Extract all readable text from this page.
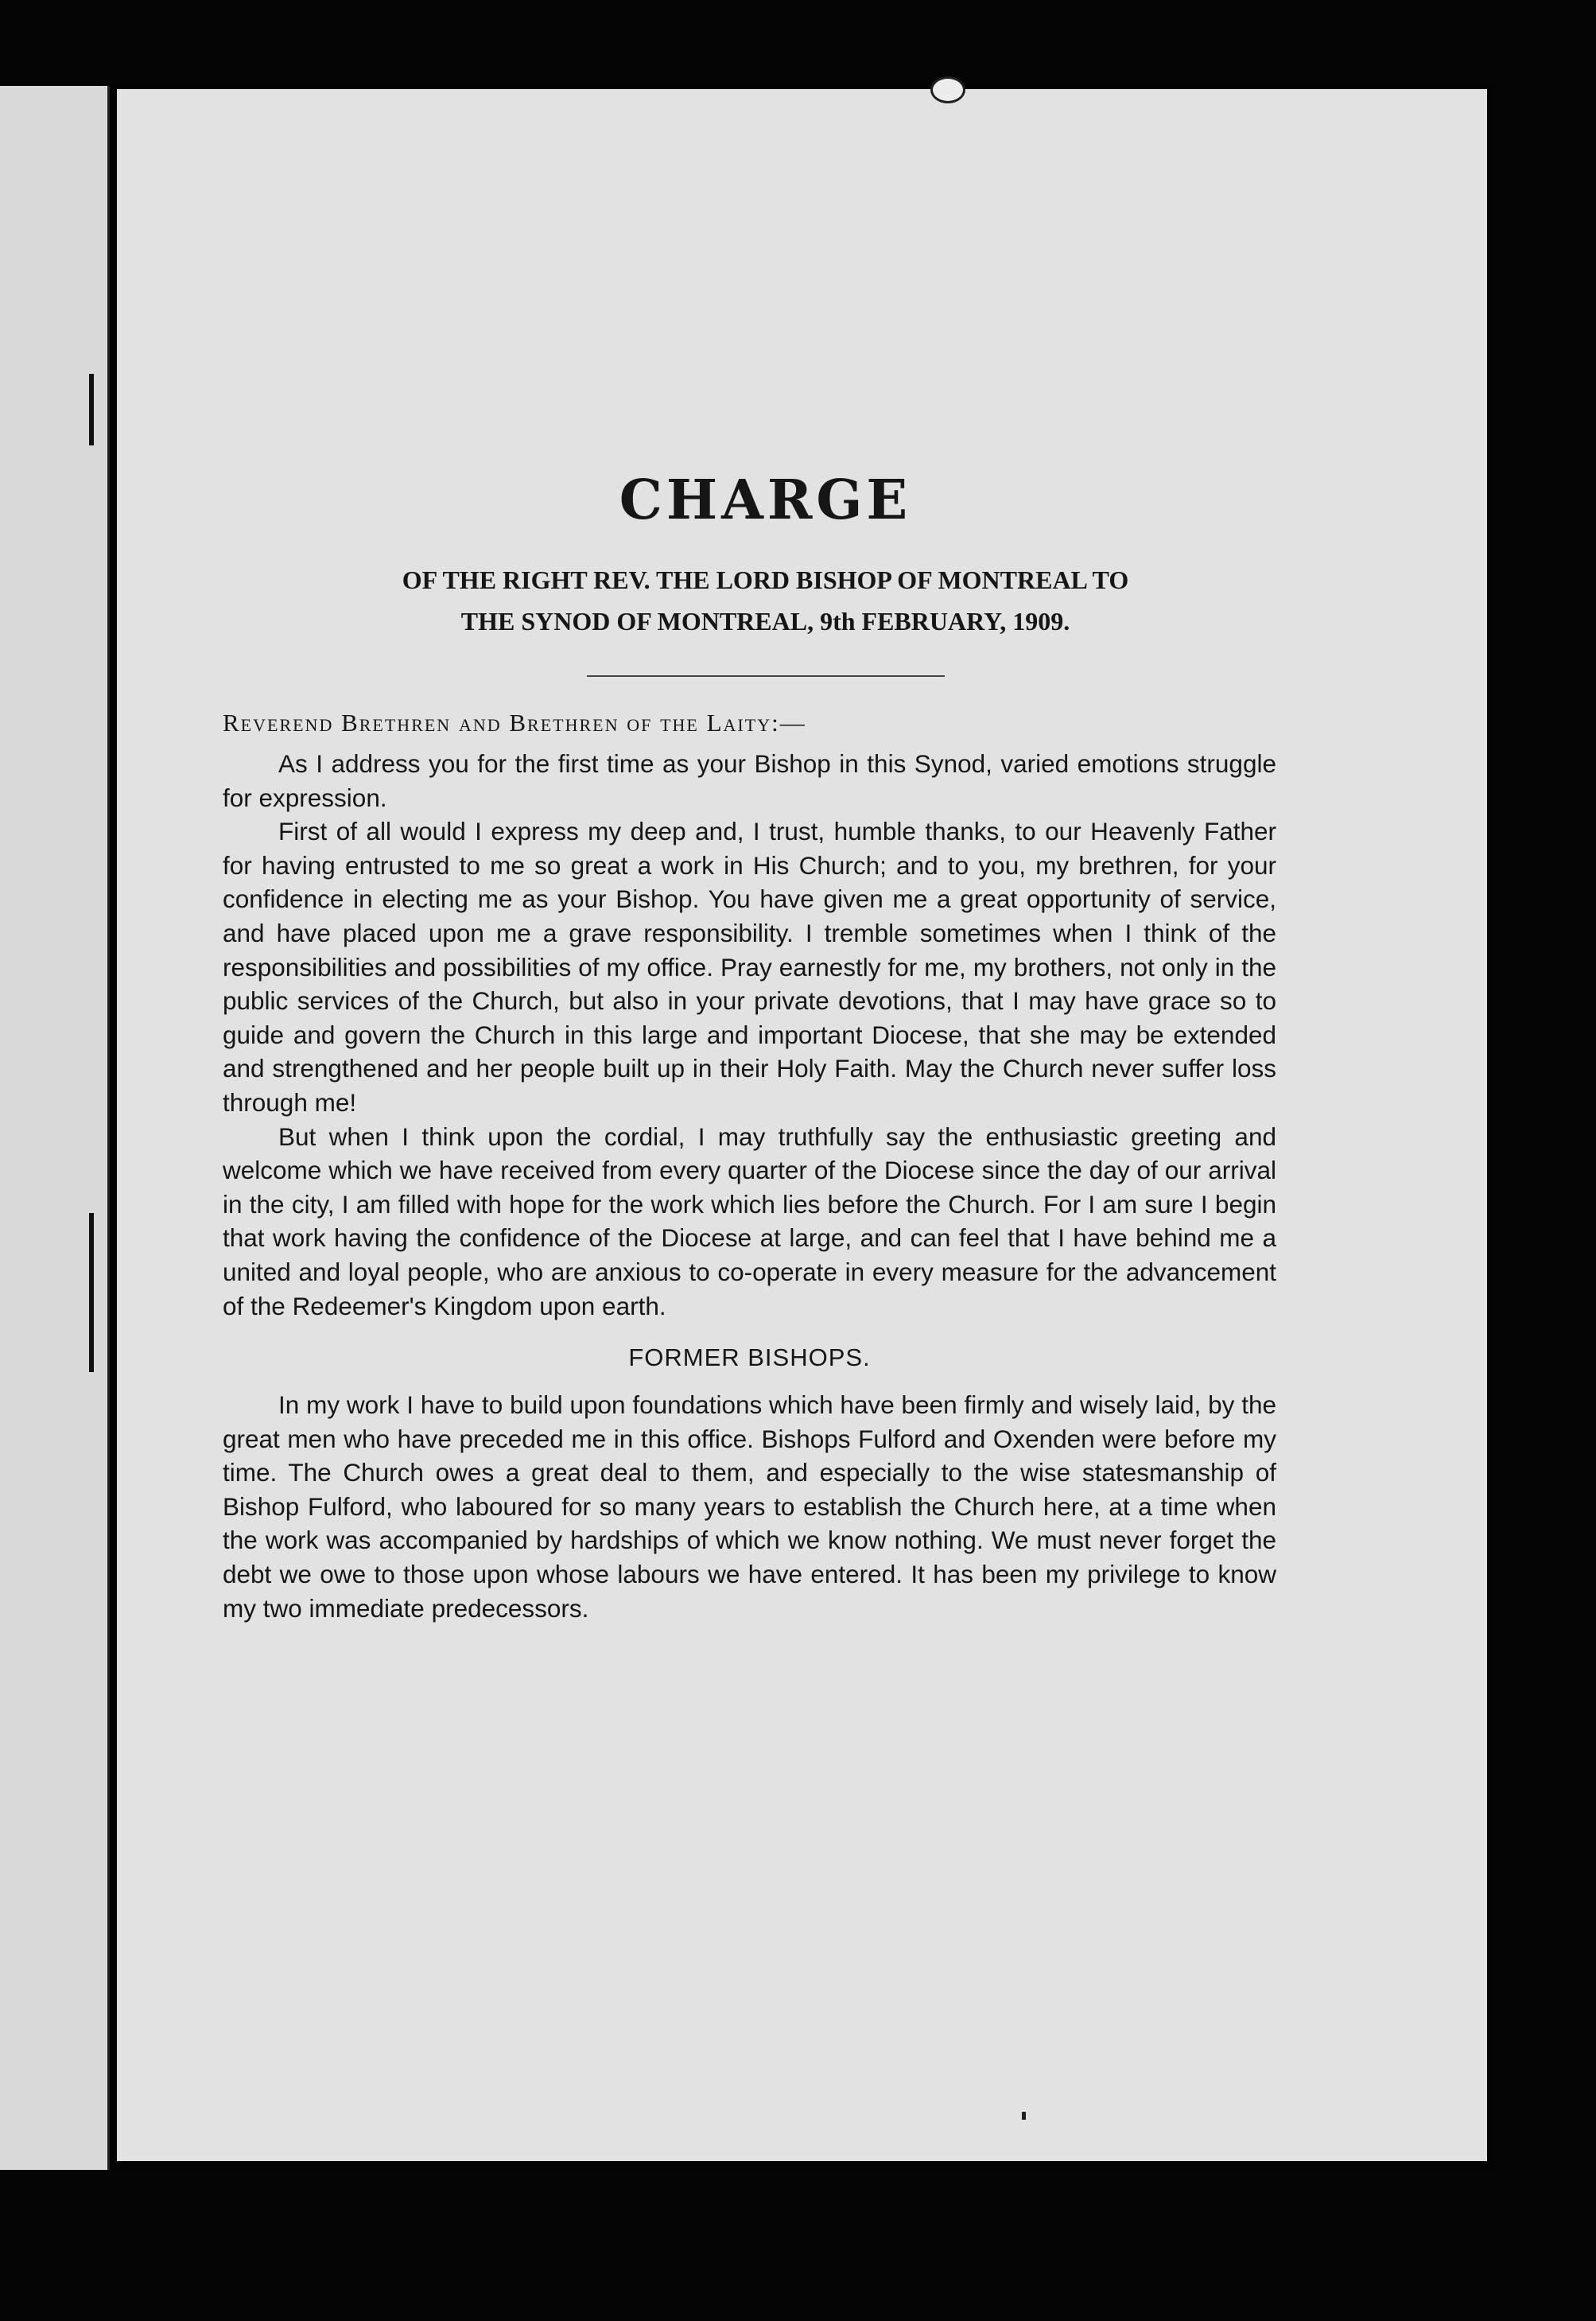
CHARGE
OF THE RIGHT REV. THE LORD BISHOP OF MONTREAL TO
THE SYNOD OF MONTREAL, 9th FEBRUARY, 1909.
Reverend Brethren and Brethren of the Laity:—

As I address you for the first time as your Bishop in this Synod, varied emotions struggle for expression.

First of all would I express my deep and, I trust, humble thanks, to our Heavenly Father for having entrusted to me so great a work in His Church; and to you, my brethren, for your confidence in electing me as your Bishop. You have given me a great opportunity of service, and have placed upon me a grave responsibility. I tremble sometimes when I think of the responsibilities and possibilities of my office. Pray earnestly for me, my brothers, not only in the public services of the Church, but also in your private devotions, that I may have grace so to guide and govern the Church in this large and important Diocese, that she may be extended and strengthened and her people built up in their Holy Faith. May the Church never suffer loss through me!

But when I think upon the cordial, I may truthfully say the enthusiastic greeting and welcome which we have received from every quarter of the Diocese since the day of our arrival in the city, I am filled with hope for the work which lies before the Church. For I am sure I begin that work having the confidence of the Diocese at large, and can feel that I have behind me a united and loyal people, who are anxious to co-operate in every measure for the advancement of the Redeemer's Kingdom upon earth.

FORMER BISHOPS.

In my work I have to build upon foundations which have been firmly and wisely laid, by the great men who have preceded me in this office. Bishops Fulford and Oxenden were before my time. The Church owes a great deal to them, and especially to the wise statesmanship of Bishop Fulford, who laboured for so many years to establish the Church here, at a time when the work was accompanied by hardships of which we know nothing. We must never forget the debt we owe to those upon whose labours we have entered. It has been my privilege to know my two immediate predecessors.
